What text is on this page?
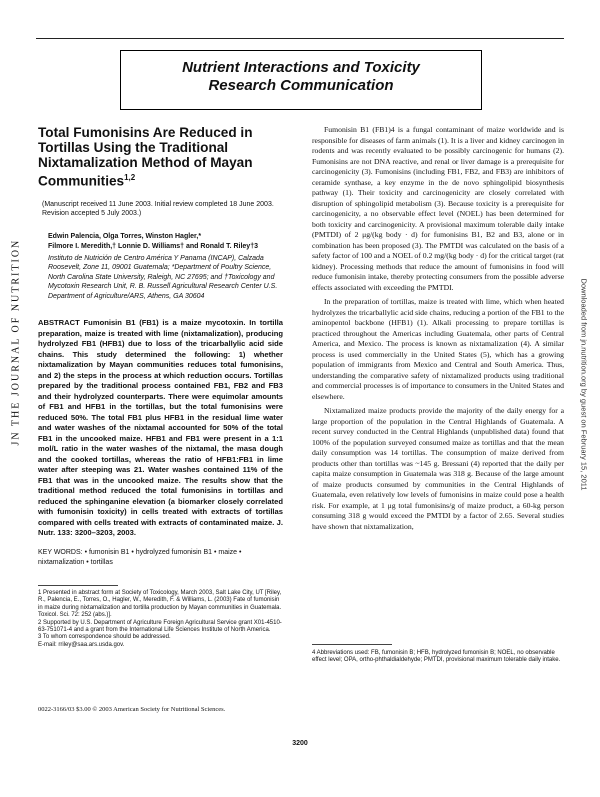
Nutrient Interactions and Toxicity
Research Communication
JN THE JOURNAL OF NUTRITION	Downloaded from jn.nutrition.org by guest on February 15, 2011
Total Fumonisins Are Reduced in Tortillas Using the Traditional Nixtamalization Method of Mayan Communities$^{1,2}$
(Manuscript received 11 June 2003. Initial review completed 18 June 2003. Revision accepted 5 July 2003.)
Edwin Palencia, Olga Torres, Winston Hagler,*
Filmore I. Meredith,† Lonnie D. Williams† and Ronald T. Riley†3
Instituto de Nutrición de Centro América Y Panama (INCAP), Calzada Roosevelt, Zone 11, 09001 Guatemala; *Department of Poultry Science, North Carolina State University, Raleigh, NC 27695; and †Toxicology and Mycotoxin Research Unit, R. B. Russell Agricultural Research Center U.S. Department of Agriculture/ARS, Athens, GA 30604
ABSTRACT Fumonisin B1 (FB1) is a maize mycotoxin. In tortilla preparation, maize is treated with lime (nixtamalization), producing hydrolyzed FB1 (HFB1) due to loss of the tricarballylic acid side chains. This study determined the following: 1) whether nixtamalization by Mayan communities reduces total fumonisins, and 2) the steps in the process at which reduction occurs. Tortillas prepared by the traditional process contained FB1, FB2 and FB3 and their hydrolyzed counterparts. There were equimolar amounts of FB1 and HFB1 in the tortillas, but the total fumonisins were reduced 50%. The total FB1 plus HFB1 in the residual lime water and water washes of the nixtamal accounted for 50% of the total FB1 in the uncooked maize. HFB1 and FB1 were present in a 1:1 mol/L ratio in the water washes of the nixtamal, the masa dough and the cooked tortillas, whereas the ratio of HFB1:FB1 in lime water after steeping was 21. Water washes contained 11% of the FB1 that was in the uncooked maize. The results show that the traditional method reduced the total fumonisins in tortillas and reduced the sphinganine elevation (a biomarker closely correlated with fumonisin toxicity) in cells treated with extracts of tortillas compared with cells treated with extracts of contaminated maize. J. Nutr. 133: 3200–3203, 2003.
KEY WORDS: • fumonisin B1 • hydrolyzed fumonisin B1 • maize • nixtamalization • tortillas
1 Presented in abstract form at Society of Toxicology, March 2003, Salt Lake City, UT [Riley, R., Palencia, E., Torres, O., Hagler, W., Meredith, F. & Williams, L. (2003) Fate of fumonisin in maize during nixtamalization and tortilla production by Mayan communities in Guatemala. Toxicol. Sci. 72: 252 (abs.)].
2 Supported by U.S. Department of Agriculture Foreign Agricultural Service grant X01-4510-63-751071-4 and a grant from the International Life Sciences Institute of North America.
3 To whom correspondence should be addressed.
E-mail: rriley@saa.ars.usda.gov.
0022-3166/03 $3.00 © 2003 American Society for Nutritional Sciences.

Fumonisin B1 (FB1)4 is a fungal contaminant of maize worldwide and is responsible for diseases of farm animals (1). It is a liver and kidney carcinogen in rodents and was recently evaluated to be possibly carcinogenic for humans (2). Fumonisins are not DNA reactive, and renal or liver damage is a prerequisite for carcinogenicity (3). Fumonisins (including FB1, FB2, and FB3) are inhibitors of ceramide synthase, a key enzyme in the de novo sphingolipid biosynthesis pathway (1). Their toxicity and carcinogenicity are closely correlated with disruption of sphingolipid metabolism (3). Because toxicity is a prerequisite for carcinogenicity, a no observable effect level (NOEL) has been determined for both toxicity and carcinogenicity. A provisional maximum tolerable daily intake (PMTDI) of 2 μg/(kg body · d) for fumonisins B1, B2 and B3, alone or in combination has been proposed (3). The PMTDI was calculated on the basis of a safety factor of 100 and a NOEL of 0.2 mg/(kg body · d) for the critical target (rat kidney). Processing methods that reduce the amount of fumonisins in food will reduce fumonisin intake, thereby protecting consumers from the possible adverse effects associated with exceeding the PMTDI.

In the preparation of tortillas, maize is treated with lime, which when heated hydrolyzes the tricarballylic acid side chains, reducing a portion of the FB1 to the aminopentol backbone (HFB1) (1). Alkali processing to prepare tortillas is practiced throughout the Americas including Guatemala, other parts of Central America, and Mexico. The process is known as nixtamalization (4). A similar process is used commercially in the United States (5), which has a growing population of immigrants from Mexico and Central and South America. Thus, understanding the comparative safety of nixtamalized products using traditional and commercial processes is of importance to consumers in the United States and elsewhere.

Nixtamalized maize products provide the majority of the daily energy for a large proportion of the population in the Central Highlands of Guatemala. A recent survey conducted in the Central Highlands (unpublished data) found that 100% of the population surveyed consumed maize as tortillas and that the mean daily consumption was 14 tortillas. The consumption of maize derived from products other than tortillas was ~145 g. Bressani (4) reported that the daily per capita maize consumption in Guatemala was 318 g. Because of the large amount of maize products consumed by communities in the Central Highlands of Guatemala, even relatively low levels of fumonisins in maize could pose a health risk. For example, at 1 μg total fumonisins/g of maize product, a 60-kg person consuming 318 g would exceed the PMTDI by a factor of 2.65. Several studies have shown that nixtamalization,

4 Abbreviations used: FB, fumonisin B; HFB, hydrolyzed fumonisin B; NOEL, no observable effect level; OPA, ortho-phthaldialdehyde; PMTDI, provisional maximum tolerable daily intake.
3200
